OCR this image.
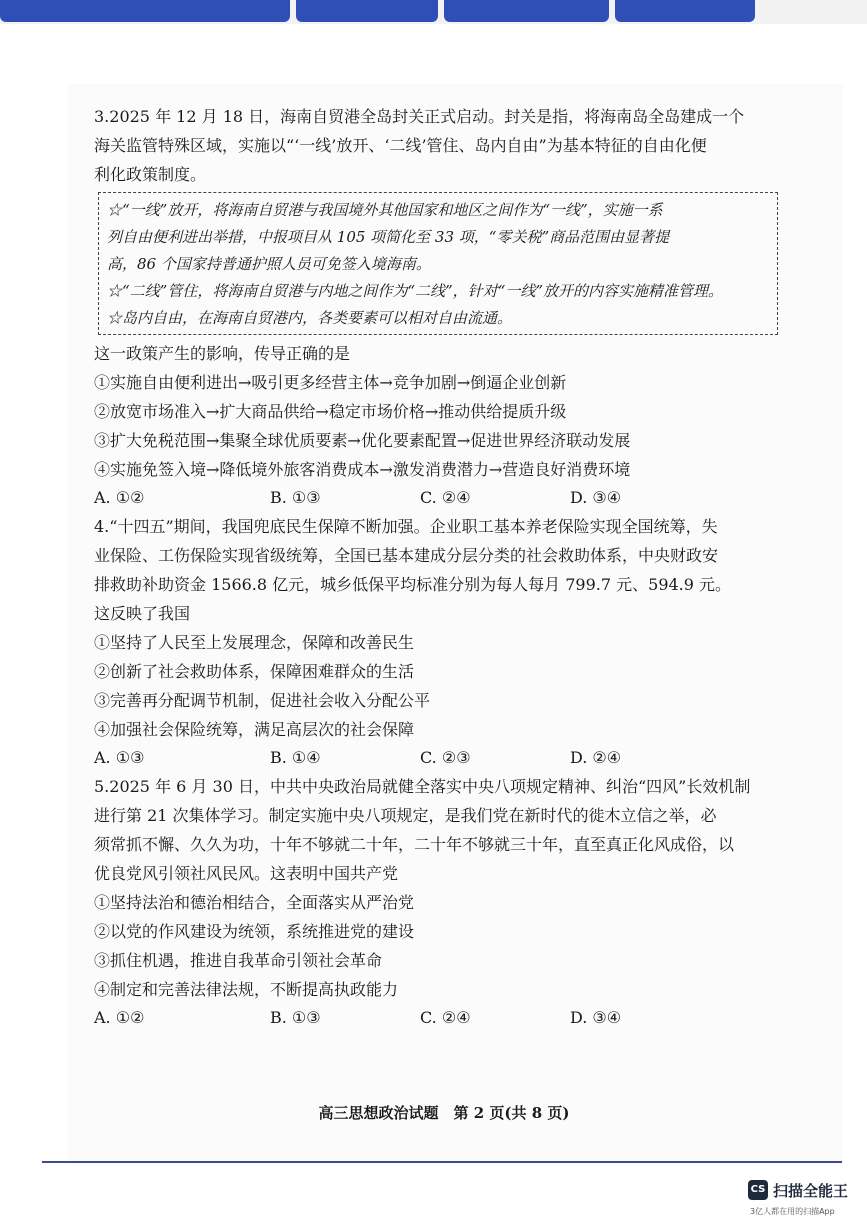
3.2025 年 12 月 18 日，海南自贸港全岛封关正式启动。封关是指，将海南岛全岛建成一个
海关监管特殊区域，实施以“‘一线’放开、‘二线’管住、岛内自由”为基本特征的自由化便
利化政策制度。
☆“一线”放开，将海南自贸港与我国境外其他国家和地区之间作为“一线”，实施一系
列自由便利进出举措，中报项目从 105 项简化至 33 项，“零关税”商品范围由显著提
高，86 个国家持普通护照人员可免签入境海南。
☆“二线”管住，将海南自贸港与内地之间作为“二线”，针对“一线”放开的内容实施精准管理。
☆岛内自由，在海南自贸港内，各类要素可以相对自由流通。
这一政策产生的影响，传导正确的是
①实施自由便利进出→吸引更多经营主体→竞争加剧→倒逼企业创新
②放宽市场准入→扩大商品供给→稳定市场价格→推动供给提质升级
③扩大免税范围→集聚全球优质要素→优化要素配置→促进世界经济联动发展
④实施免签入境→降低境外旅客消费成本→激发消费潜力→营造良好消费环境
A. ①②	B. ①③	C. ②④	D. ③④
4.“十四五”期间，我国兜底民生保障不断加强。企业职工基本养老保险实现全国统筹，失
业保险、工伤保险实现省级统筹，全国已基本建成分层分类的社会救助体系，中央财政安
排救助补助资金 1566.8 亿元，城乡低保平均标准分别为每人每月 799.7 元、594.9 元。
这反映了我国
①坚持了人民至上发展理念，保障和改善民生
②创新了社会救助体系，保障困难群众的生活
③完善再分配调节机制，促进社会收入分配公平
④加强社会保险统筹，满足高层次的社会保障
A. ①③	B. ①④	C. ②③	D. ②④
5.2025 年 6 月 30 日，中共中央政治局就健全落实中央八项规定精神、纠治“四风”长效机制
进行第 21 次集体学习。制定实施中央八项规定，是我们党在新时代的徙木立信之举，必
须常抓不懈、久久为功，十年不够就二十年，二十年不够就三十年，直至真正化风成俗，以
优良党风引领社风民风。这表明中国共产党
①坚持法治和德治相结合，全面落实从严治党
②以党的作风建设为统领，系统推进党的建设
③抓住机遇，推进自我革命引领社会革命
④制定和完善法律法规，不断提高执政能力
A. ①②	B. ①③	C. ②④	D. ③④
高三思想政治试题　第 2 页(共 8 页)
CS 扫描全能王
3亿人都在用的扫描App
